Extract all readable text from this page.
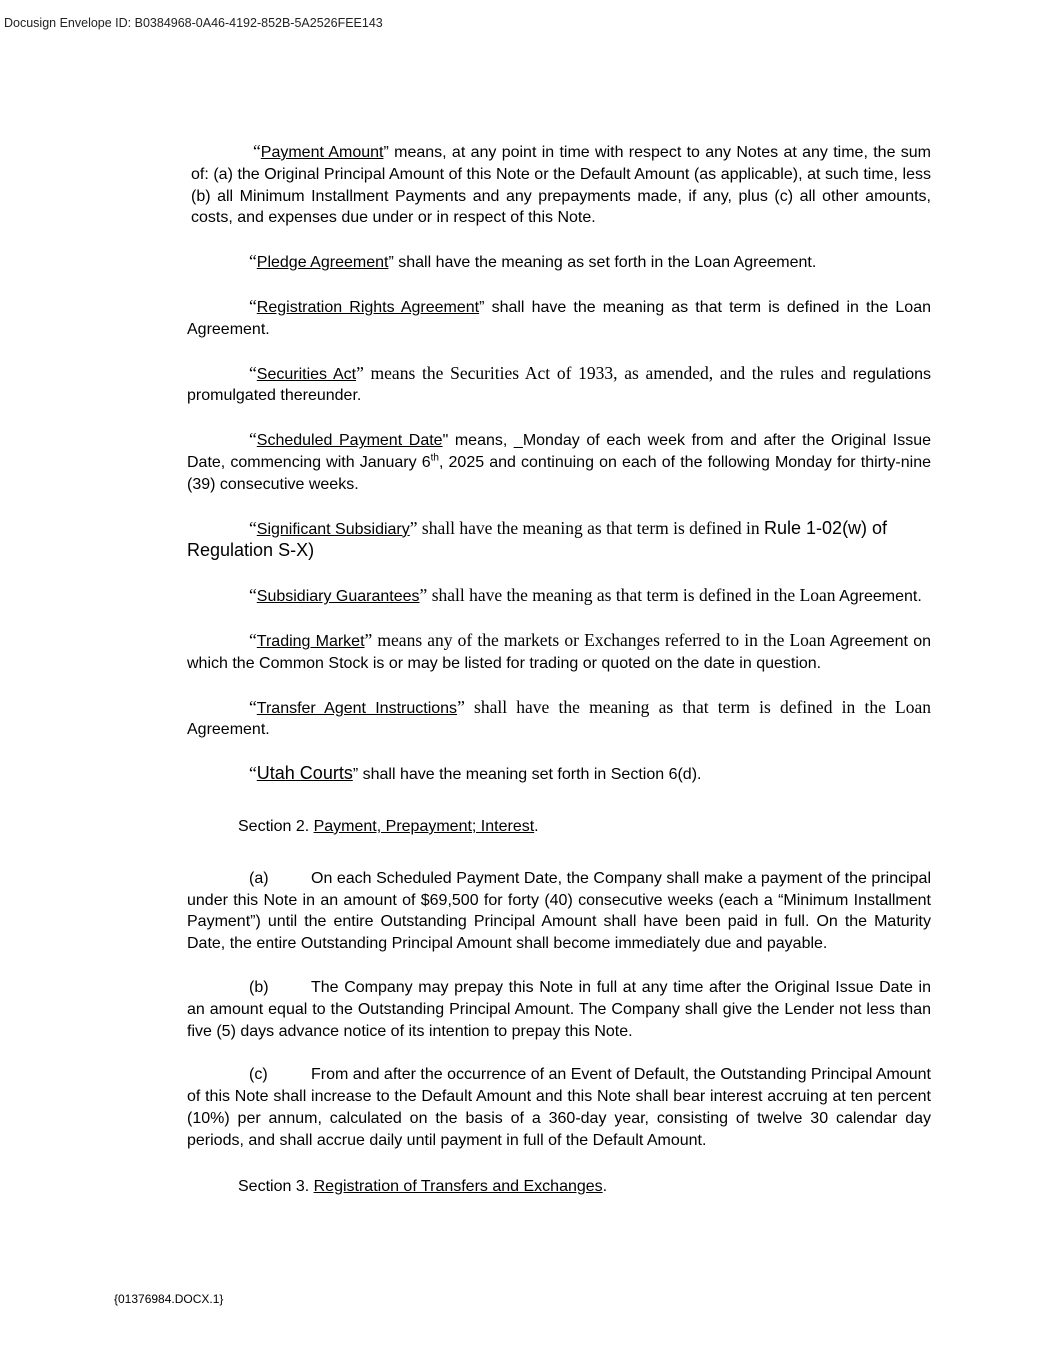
Docusign Envelope ID: B0384968-0A46-4192-852B-5A2526FEE143

“Payment Amount” means, at any point in time with respect to any Notes at any time, the sum of: (a) the Original Principal Amount of this Note or the Default Amount (as applicable), at such time, less (b) all Minimum Installment Payments and any prepayments made, if any, plus (c) all other amounts, costs, and expenses due under or in respect of this Note.

“Pledge Agreement” shall have the meaning as set forth in the Loan Agreement.

“Registration Rights Agreement” shall have the meaning as that term is defined in the Loan Agreement.

“Securities Act” means the Securities Act of 1933, as amended, and the rules and regulations promulgated thereunder.

“Scheduled Payment Date" means, _Monday of each week from and after the Original Issue Date, commencing with January 6th, 2025 and continuing on each of the following Monday for thirty-nine (39) consecutive weeks.

“Significant Subsidiary” shall have the meaning as that term is defined in Rule 1-02(w) of Regulation S-X)

“Subsidiary Guarantees” shall have the meaning as that term is defined in the Loan Agreement.

“Trading Market” means any of the markets or Exchanges referred to in the Loan Agreement on which the Common Stock is or may be listed for trading or quoted on the date in question.

“Transfer Agent Instructions” shall have the meaning as that term is defined in the Loan Agreement.

“Utah Courts” shall have the meaning set forth in Section 6(d).

Section 2. Payment, Prepayment; Interest.

(a)	On each Scheduled Payment Date, the Company shall make a payment of the principal under this Note in an amount of $69,500 for forty (40) consecutive weeks (each a “Minimum Installment Payment”) until the entire Outstanding Principal Amount shall have been paid in full. On the Maturity Date, the entire Outstanding Principal Amount shall become immediately due and payable.

(b)	The Company may prepay this Note in full at any time after the Original Issue Date in an amount equal to the Outstanding Principal Amount. The Company shall give the Lender not less than five (5) days advance notice of its intention to prepay this Note.

(c)	From and after the occurrence of an Event of Default, the Outstanding Principal Amount of this Note shall increase to the Default Amount and this Note shall bear interest accruing at ten percent (10%) per annum, calculated on the basis of a 360-day year, consisting of twelve 30 calendar day periods, and shall accrue daily until payment in full of the Default Amount.

Section 3. Registration of Transfers and Exchanges.

{01376984.DOCX.1}
